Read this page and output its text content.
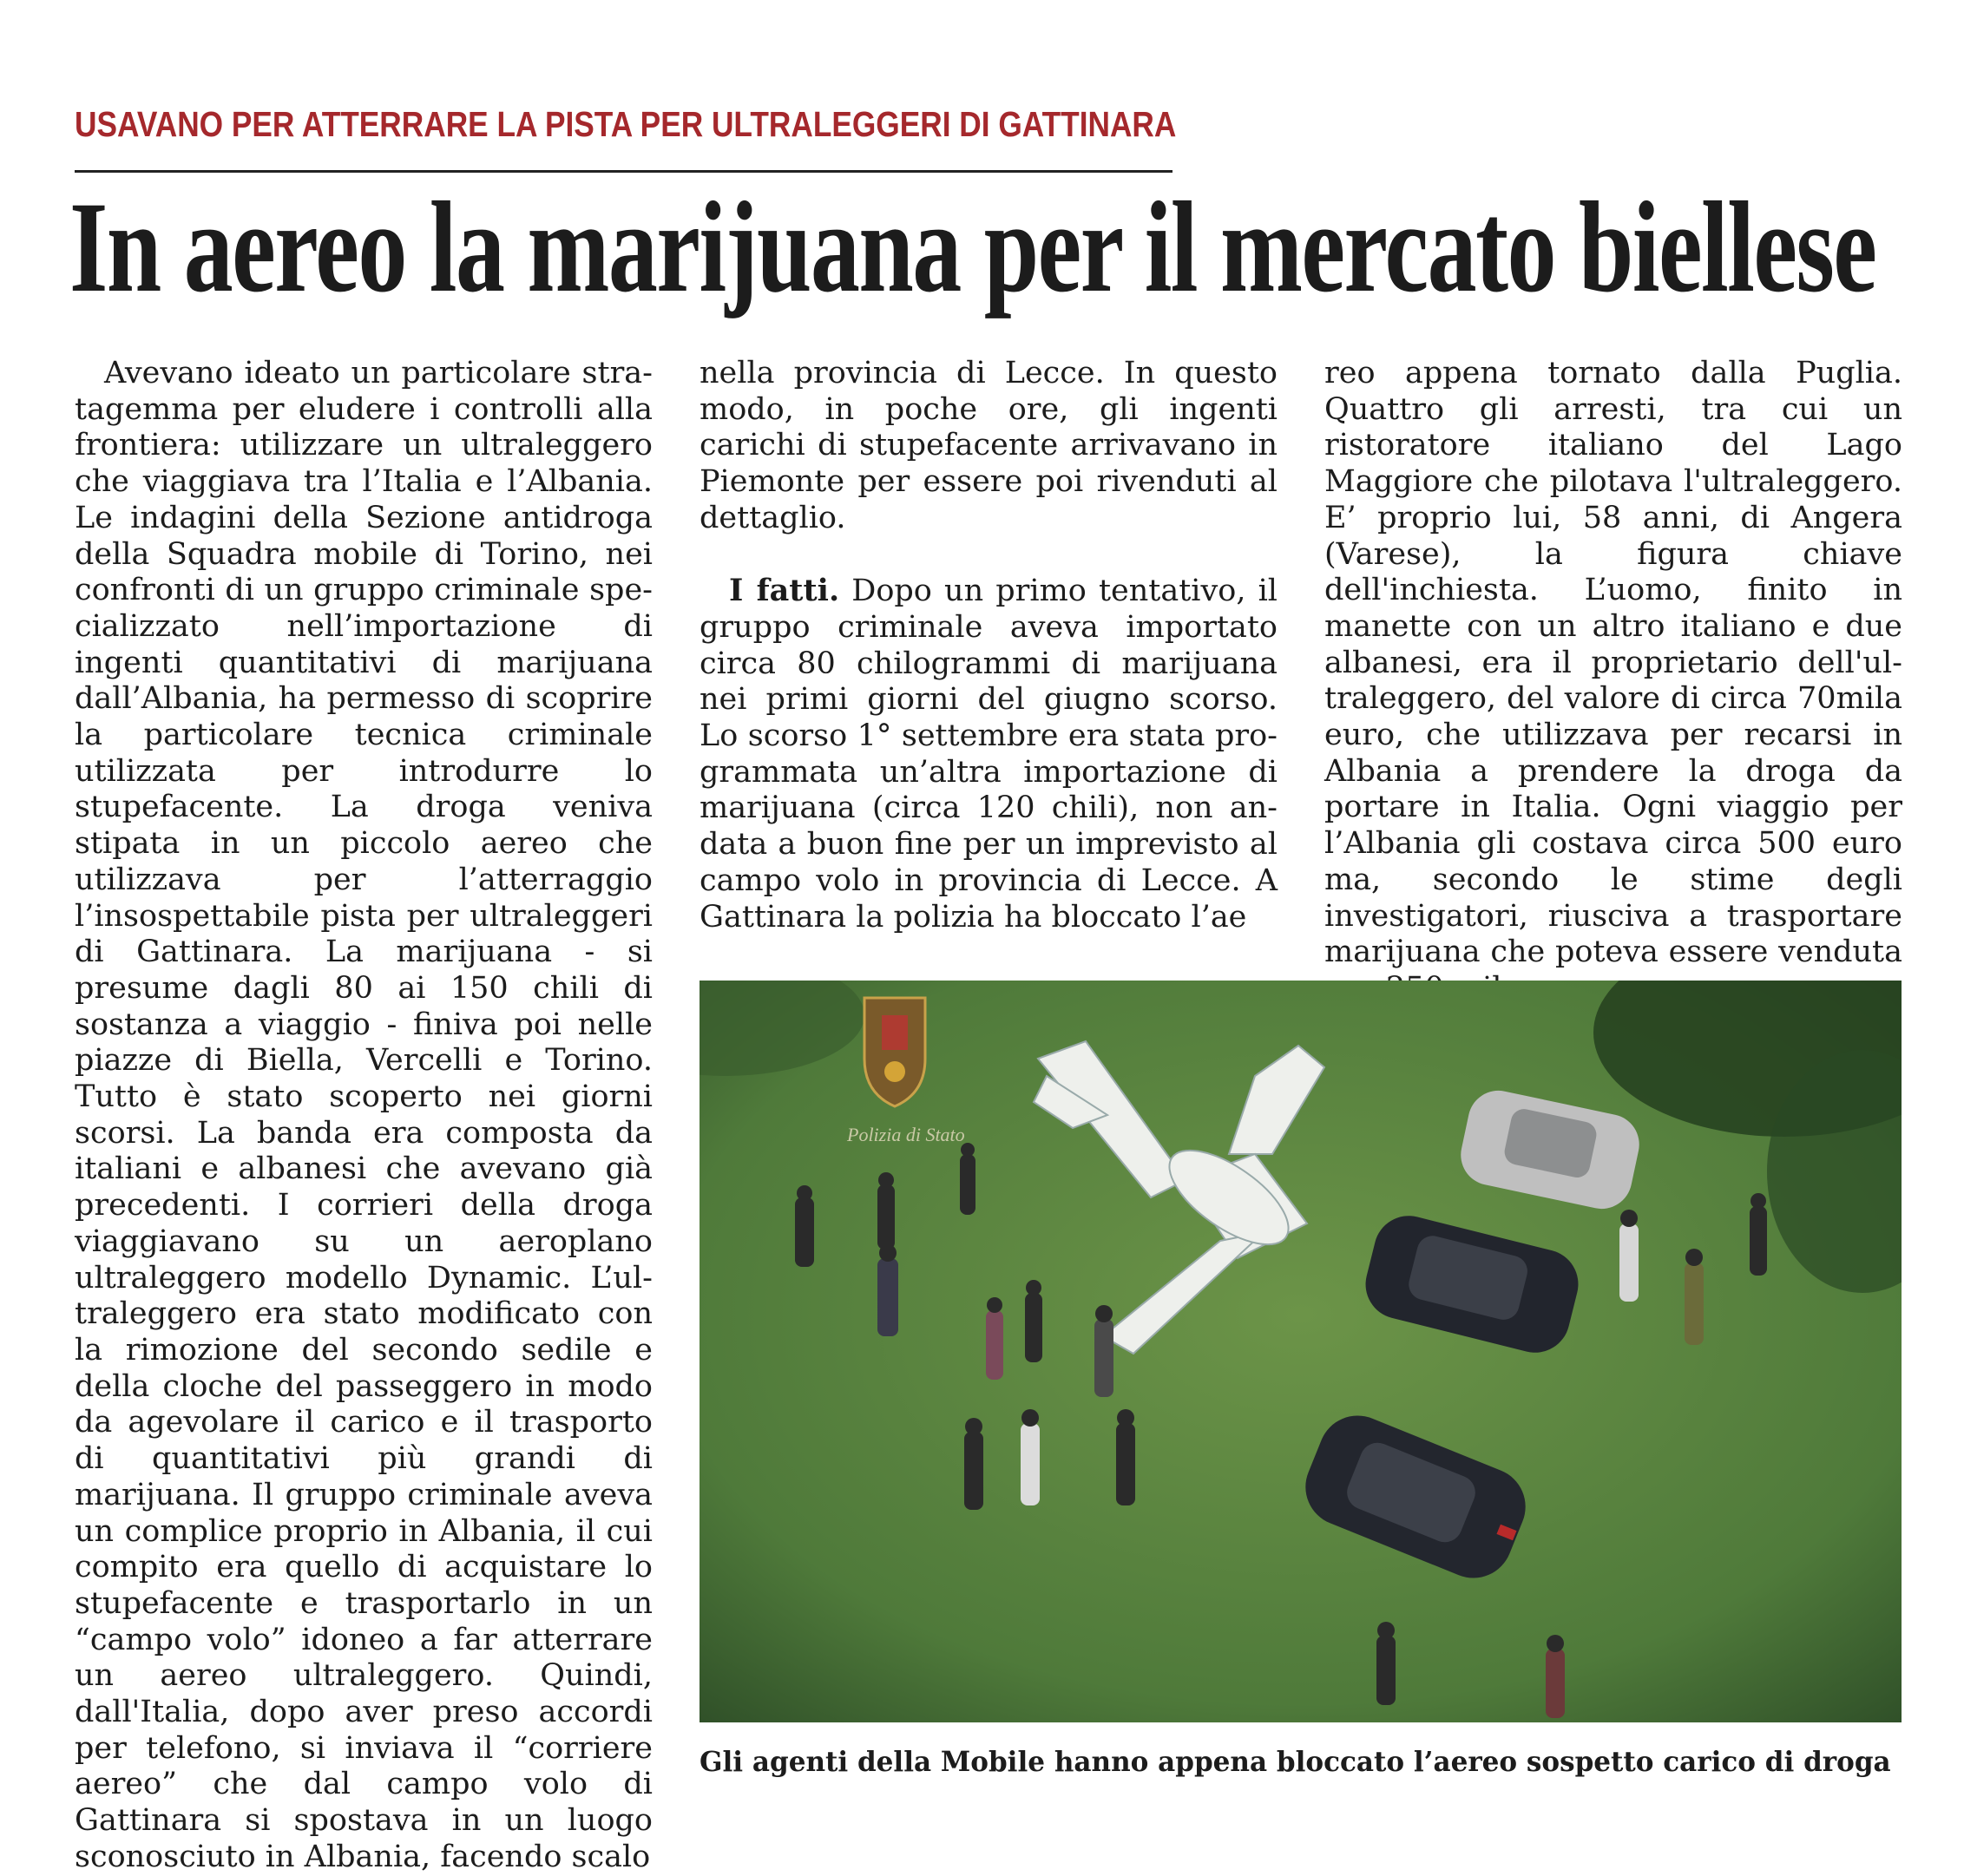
USAVANO PER ATTERRARE LA PISTA PER ULTRALEGGERI DI GATTINARA
In aereo la marijuana per il mercato biellese

Avevano ideato un particolare stratagemma per eludere i controlli alla frontiera: utilizzare un ultraleggero che viaggiava tra l’Italia e l’Albania. Le indagini della Sezione antidroga della Squadra mobile di Torino, nei confronti di un gruppo criminale specializzato nell’importazione di ingenti quantitativi di marijuana dall’Albania, ha permesso di scoprire la particolare tecnica criminale utilizzata per introdurre lo stupefacente. La droga veniva stipata in un piccolo aereo che utilizzava per l’atterraggio l’insospettabile pista per ultraleggeri di Gattinara. La marijuana - si presume dagli 80 ai 150 chili di sostanza a viaggio - finiva poi nelle piazze di Biella, Vercelli e Torino. Tutto è stato scoperto nei giorni scorsi. La banda era composta da italiani e albanesi che avevano già precedenti. I corrieri della droga viaggiavano su un aeroplano ultraleggero modello Dynamic. L’ultraleggero era stato modificato con la rimozione del secondo sedile e della cloche del passeggero in modo da agevolare il carico e il trasporto di quantitativi più grandi di marijuana. Il gruppo criminale aveva un complice proprio in Albania, il cui compito era quello di acquistare lo stupefacente e trasportarlo in un “campo volo” idoneo a far atterrare un aereo ultraleggero. Quindi, dall'Italia, dopo aver preso accordi per telefono, si inviava il “corriere aereo” che dal campo volo di Gattinara si spostava in un luogo sconosciuto in Albania, facendo scalo

nella provincia di Lecce. In questo modo, in poche ore, gli ingenti carichi di stupefacente arrivavano in Piemonte per essere poi rivenduti al dettaglio.

I fatti. Dopo un primo tentativo, il gruppo criminale aveva importato circa 80 chilogrammi di marijuana nei primi giorni del giugno scorso. Lo scorso 1° settembre era stata programmata un’altra importazione di marijuana (circa 120 chili), non andata a buon fine per un imprevisto al campo volo in provincia di Lecce. A Gattinara la polizia ha bloccato l’ae

reo appena tornato dalla Puglia. Quattro gli arresti, tra cui un ristoratore italiano del Lago Maggiore che pilotava l'ultraleggero. E’ proprio lui, 58 anni, di Angera (Varese), la figura chiave dell'inchiesta. L’uomo, finito in manette con un altro italiano e due albanesi, era il proprietario dell'ultraleggero, del valore di circa 70mila euro, che utilizzava per recarsi in Albania a prendere la droga da portare in Italia. Ogni viaggio per l’Albania gli costava circa 500 euro ma, secondo le stime degli investigatori, riusciva a trasportare marijuana che poteva essere venduta

Polizia di Stato
Gli agenti della Mobile hanno appena bloccato l’aereo sospetto carico di droga
